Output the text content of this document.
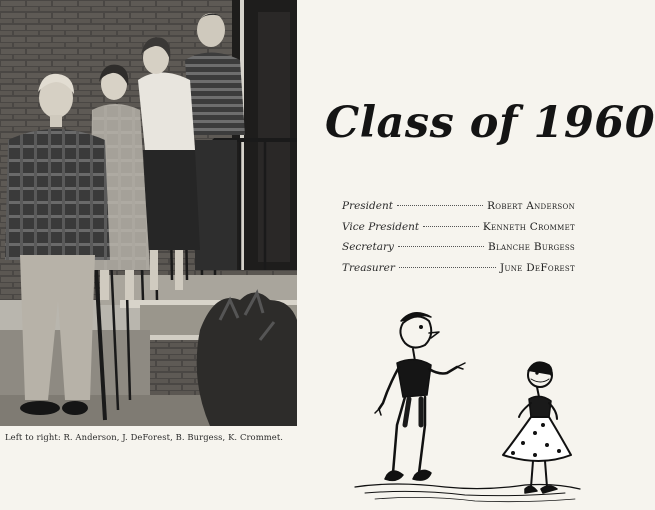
Left to right: R. Anderson, J. DeForest, B. Burgess, K. Crommet.
Class of 1960
President	Robert Anderson
Vice President	Kenneth Crommet
Secretary	Blanche Burgess
Treasurer	June DeForest
